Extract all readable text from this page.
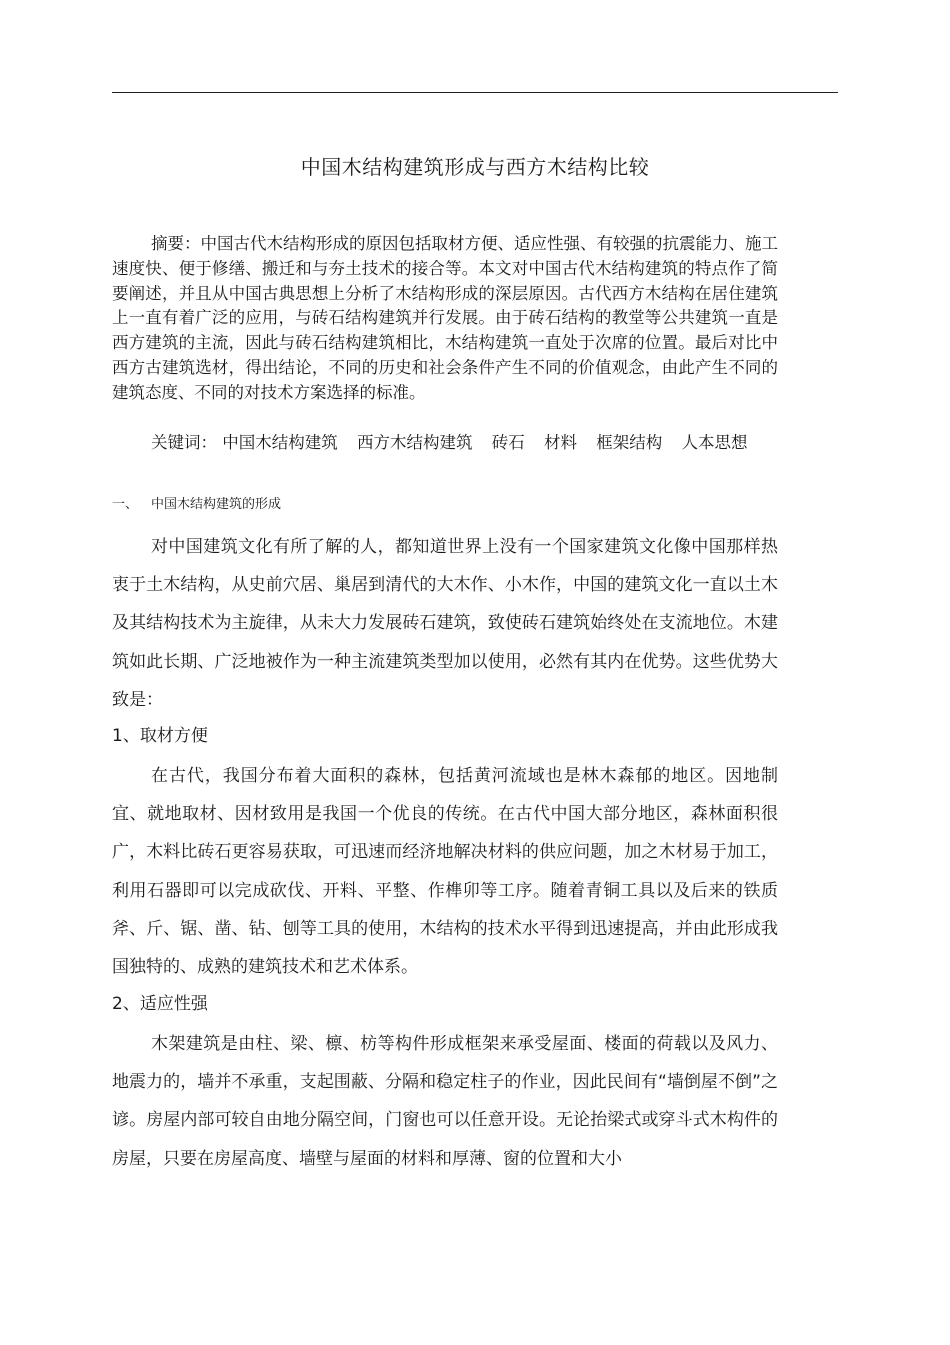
中国木结构建筑形成与西方木结构比较

摘要：中国古代木结构形成的原因包括取材方便、适应性强、有较强的抗震能力、施工速度快、便于修缮、搬迁和与夯土技术的接合等。本文对中国古代木结构建筑的特点作了简要阐述，并且从中国古典思想上分析了木结构形成的深层原因。古代西方木结构在居住建筑上一直有着广泛的应用，与砖石结构建筑并行发展。由于砖石结构的教堂等公共建筑一直是西方建筑的主流，因此与砖石结构建筑相比，木结构建筑一直处于次席的位置。最后对比中西方古建筑选材，得出结论，不同的历史和社会条件产生不同的价值观念，由此产生不同的建筑态度、不同的对技术方案选择的标准。

关键词： 中国木结构建筑 西方木结构建筑 砖石 材料 框架结构 人本思想
一、 中国木结构建筑的形成

对中国建筑文化有所了解的人，都知道世界上没有一个国家建筑文化像中国那样热衷于土木结构，从史前穴居、巢居到清代的大木作、小木作，中国的建筑文化一直以土木及其结构技术为主旋律，从未大力发展砖石建筑，致使砖石建筑始终处在支流地位。木建筑如此长期、广泛地被作为一种主流建筑类型加以使用，必然有其内在优势。这些优势大致是：

1、取材方便

在古代，我国分布着大面积的森林，包括黄河流域也是林木森郁的地区。因地制宜、就地取材、因材致用是我国一个优良的传统。在古代中国大部分地区，森林面积很广，木料比砖石更容易获取，可迅速而经济地解决材料的供应问题，加之木材易于加工，利用石器即可以完成砍伐、开料、平整、作榫卯等工序。随着青铜工具以及后来的铁质斧、斤、锯、凿、钻、刨等工具的使用，木结构的技术水平得到迅速提高，并由此形成我国独特的、成熟的建筑技术和艺术体系。

2、适应性强

木架建筑是由柱、梁、檩、枋等构件形成框架来承受屋面、楼面的荷载以及风力、地震力的，墙并不承重，支起围蔽、分隔和稳定柱子的作业，因此民间有“墙倒屋不倒”之谚。房屋内部可较自由地分隔空间，门窗也可以任意开设。无论抬梁式或穿斗式木构件的房屋，只要在房屋高度、墙壁与屋面的材料和厚薄、窗的位置和大小
